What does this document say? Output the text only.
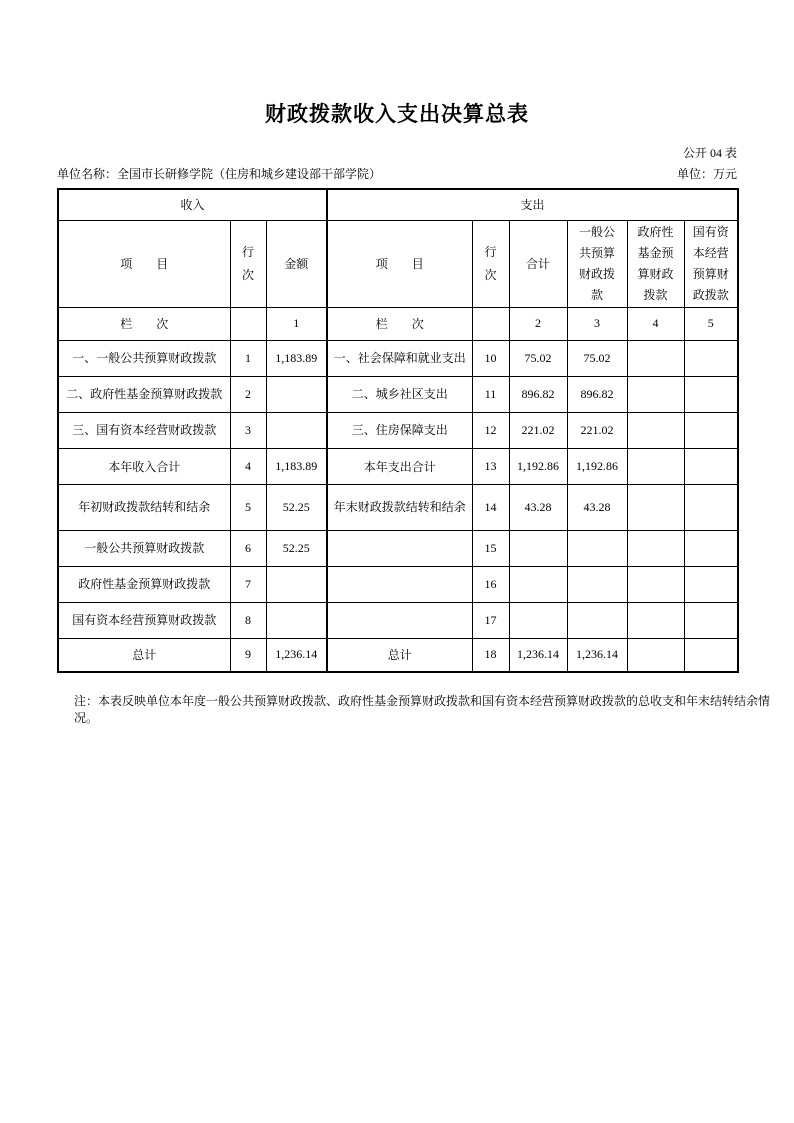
财政拨款收入支出决算总表
公开 04 表
单位名称：全国市长研修学院（住房和城乡建设部干部学院）	单位：万元
收入			支出					
项　　目	行次	金额	项　　目	行次	合计	一般公共预算财政拨款	政府性基金预算财政拨款	国有资本经营预算财政拨款

栏　　次		1	栏　　次		2	3	4	5
一、一般公共预算财政拨款	1	1,183.89	一、社会保障和就业支出	10	75.02	75.02		
二、政府性基金预算财政拨款	2		二、城乡社区支出	11	896.82	896.82		
三、国有资本经营财政拨款	3		三、住房保障支出	12	221.02	221.02		
本年收入合计	4	1,183.89	本年支出合计	13	1,192.86	1,192.86		
年初财政拨款结转和结余	5	52.25	年末财政拨款结转和结余	14	43.28	43.28		
一般公共预算财政拨款	6	52.25		15				
政府性基金预算财政拨款	7			16				
国有资本经营预算财政拨款	8			17				
总计	9	1,236.14	总计	18	1,236.14	1,236.14		
注：本表反映单位本年度一般公共预算财政拨款、政府性基金预算财政拨款和国有资本经营预算财政拨款的总收支和年末结转结余情况。
